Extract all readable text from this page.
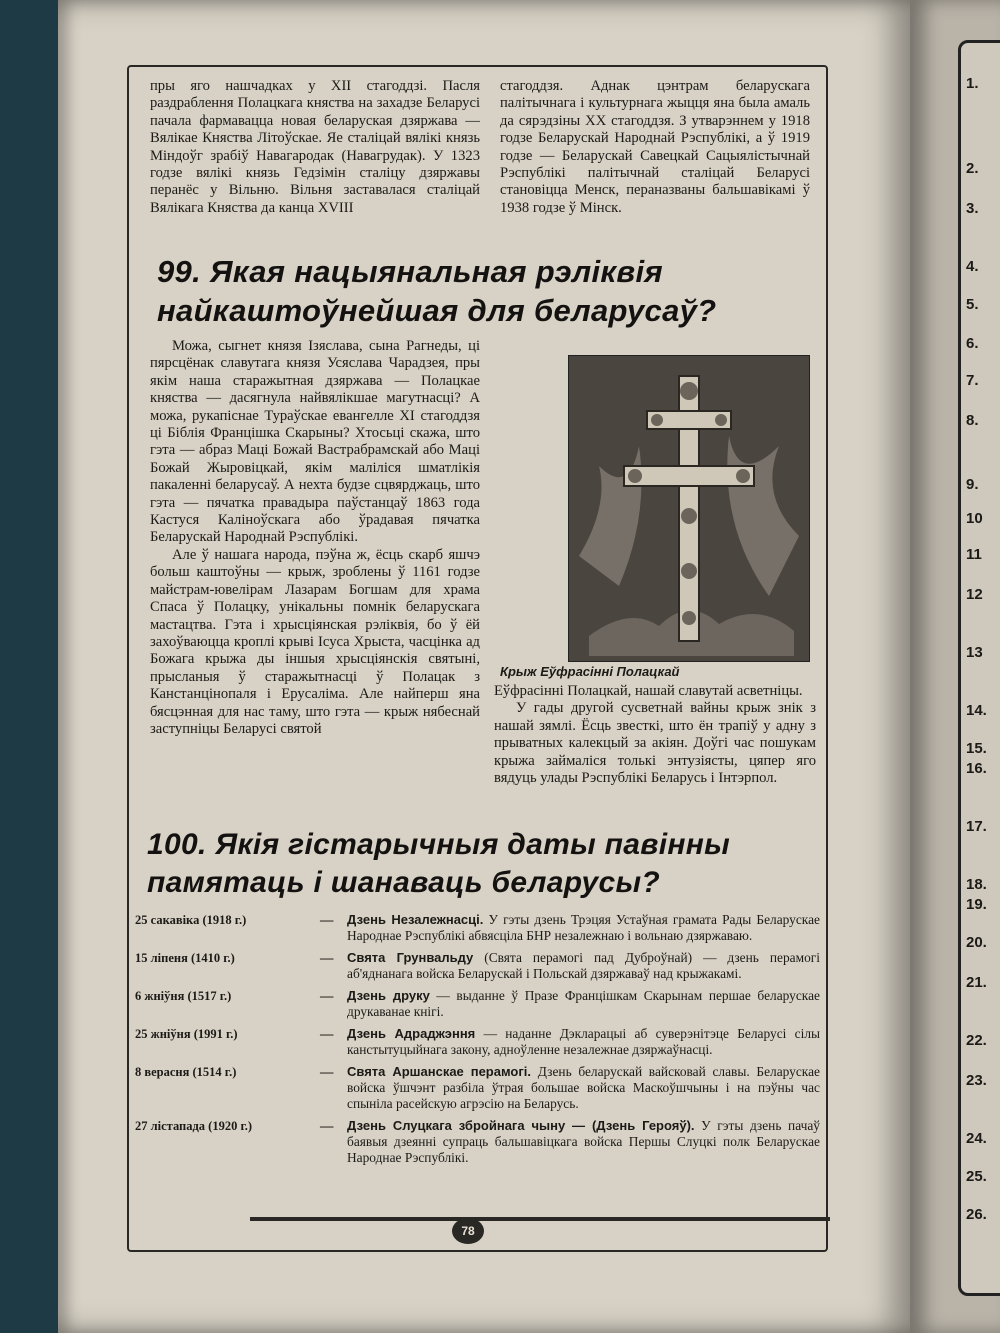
1.
2.
3.
4.
5.
6.
7.
8.
9.
10
11
12
13
14.
15.
16.
17.
18.
19.
20.
21.
22.
23.
24.
25.
26.

пры яго нашчадках у XII стагоддзі. Пасля раздраблення Полацкага княства на захадзе Беларусі пачала фармавацца новая беларуская дзяржава — Вялікае Княства Літоўскае. Яе сталіцай вялікі князь Міндоўг зрабіў Навагародак (Навагрудак). У 1323 годзе вялікі князь Гедзімін сталіцу дзяржавы перанёс у Вільню. Вільня заставалася сталіцай Вялікага Княства да канца XVIII

стагоддзя. Аднак цэнтрам беларускага палітычнага і культурнага жыцця яна была амаль да сярэдзіны XX стагоддзя. З утварэннем у 1918 годзе Беларускай Народнай Рэспублікі, а ў 1919 годзе — Беларускай Савецкай Сацыялістычнай Рэспублікі палітычнай сталіцай Беларусі становіцца Менск, пераназваны бальшавікамі ў 1938 годзе ў Мінск.

99. Якая нацыянальная рэліквія
найкаштоўнейшая для беларусаў?

Можа, сыгнет князя Ізяслава, сына Рагнеды, ці пярсцёнак славутага князя Усяслава Чарадзея, пры якім наша старажытная дзяржава — Полацкае княства — дасягнула найвялікшае магутнасці? А можа, рукапіснае Тураўскае евангелле XI стагоддзя ці Біблія Францішка Скарыны? Хтосьці скажа, што гэта — абраз Маці Божай Вастрабрамскай або Маці Божай Жыровіцкай, якім маліліся шматлікія пакаленні беларусаў. А нехта будзе сцвярджаць, што гэта — пячатка правадыра паўстанцаў 1863 года Кастуся Каліноўскага або ўрадавая пячатка Беларускай Народнай Рэспублікі.

Але ў нашага народа, пэўна ж, ёсць скарб яшчэ больш каштоўны — крыж, зроблены ў 1161 годзе майстрам-ювелірам Лазарам Богшам для храма Спаса ў Полацку, унікальны помнік беларускага мастацтва. Гэта і хрысціянская рэліквія, бо ў ёй захоўваюцца кроплі крыві Ісуса Хрыста, часцінка ад Божага крыжа ды іншыя хрысціянскія святыні, прысланыя ў старажытнасці ў Полацак з Канстанцінопаля і Ерусаліма. Але найперш яна бясцэнная для нас таму, што гэта — крыж нябеснай заступніцы Беларусі святой

Крыж Еўфрасінні Полацкай

Еўфрасінні Полацкай, нашай славутай асветніцы.

У гады другой сусветнай вайны крыж знік з нашай зямлі. Ёсць звесткі, што ён трапіў у адну з прыватных калекцый за акіян. Доўгі час пошукам крыжа займаліся толькі энтузіясты, цяпер яго вядуць улады Рэспублікі Беларусь і Інтэрпол.

100. Якія гістарычныя даты павінны
памятаць і шанаваць беларусы?
25 сакавіка (1918 г.)	— Дзень Незалежнасці. У гэты дзень Трэцяя Устаўная грамата Рады Беларускае Народнае Рэспублікі абвясціла БНР незалежнаю і вольнаю дзяржаваю.
15 ліпеня (1410 г.)	— Свята Грунвальду (Свята перамогі пад Дуброўнай) — дзень перамогі аб'яднанага войска Беларускай і Польскай дзяржаваў над крыжакамі.
6 жніўня (1517 г.)	— Дзень друку — выданне ў Празе Францішкам Скарынам першае беларускае друкаванае кнігі.
25 жніўня (1991 г.)	— Дзень Адраджэння — наданне Дэкларацыі аб суверэнітэце Беларусі сілы канстытуцыйнага закону, адноўленне незалежнае дзяржаўнасці.
8 верасня (1514 г.)	— Свята Аршанскае перамогі. Дзень беларускай вайсковай славы. Беларускае войска ўшчэнт разбіла ўтрая большае войска Маскоўшчыны і на пэўны час спыніла расейскую агрэсію на Беларусь.
27 лістапада (1920 г.)	— Дзень Слуцкага збройнага чыну — (Дзень Герояў). У гэты дзень пачаў баявыя дзеянні супраць бальшавіцкага войска Першы Слуцкі полк Беларускае Народнае Рэспублікі.
78
